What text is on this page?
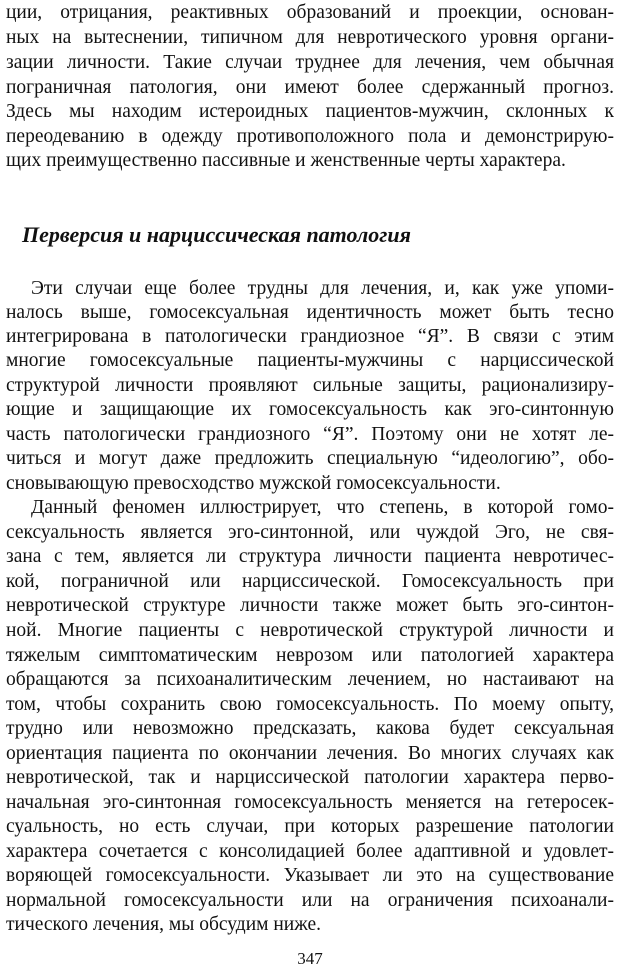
ции, отрицания, реактивных образований и проекции, основан-
ных на вытеснении, типичном для невротического уровня органи-
зации личности. Такие случаи труднее для лечения, чем обычная
пограничная патология, они имеют более сдержанный прогноз.
Здесь мы находим истероидных пациентов-мужчин, склонных к
переодеванию в одежду противоположного пола и демонстрирую-
щих преимущественно пассивные и женственные черты характера.
Перверсия и нарциссическая патология
Эти случаи еще более трудны для лечения, и, как уже упоми-
налось выше, гомосексуальная идентичность может быть тесно
интегрирована в патологически грандиозное “Я”. В связи с этим
многие гомосексуальные пациенты-мужчины с нарциссической
структурой личности проявляют сильные защиты, рационализиру-
ющие и защищающие их гомосексуальность как эго-синтонную
часть патологически грандиозного “Я”. Поэтому они не хотят ле-
читься и могут даже предложить специальную “идеологию”, обо-
сновывающую превосходство мужской гомосексуальности.
Данный феномен иллюстрирует, что степень, в которой гомо-
сексуальность является эго-синтонной, или чуждой Эго, не свя-
зана с тем, является ли структура личности пациента невротичес-
кой, пограничной или нарциссической. Гомосексуальность при
невротической структуре личности также может быть эго-синтон-
ной. Многие пациенты с невротической структурой личности и
тяжелым симптоматическим неврозом или патологией характера
обращаются за психоаналитическим лечением, но настаивают на
том, чтобы сохранить свою гомосексуальность. По моему опыту,
трудно или невозможно предсказать, какова будет сексуальная
ориентация пациента по окончании лечения. Во многих случаях как
невротической, так и нарциссической патологии характера перво-
начальная эго-синтонная гомосексуальность меняется на гетеросек-
суальность, но есть случаи, при которых разрешение патологии
характера сочетается с консолидацией более адаптивной и удовлет-
воряющей гомосексуальности. Указывает ли это на существование
нормальной гомосексуальности или на ограничения психоанали-
тического лечения, мы обсудим ниже.
347
